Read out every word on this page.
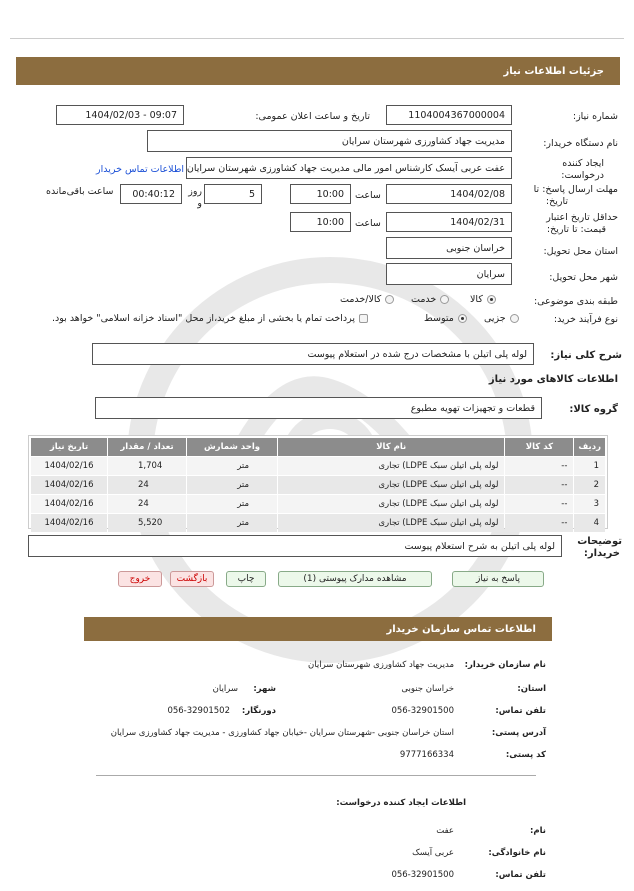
جزئیات اطلاعات نیاز
شماره نیاز:
1104004367000004
تاریخ و ساعت اعلان عمومی:
1404/02/03 - 09:07
نام دستگاه خریدار:
مدیریت جهاد کشاورزی شهرستان سرایان
ایجاد کننده
درخواست:
عفت عربی آیسک کارشناس امور مالی مدیریت جهاد کشاورزی شهرستان سرایان
اطلاعات تماس خریدار
مهلت ارسال پاسخ: تا
تاریخ:
1404/02/08
ساعت
10:00
5
روز و
00:40:12
ساعت باقی‌مانده
حداقل تاریخ اعتبار
قیمت: تا تاریخ:
1404/02/31
ساعت
10:00
استان محل تحویل:
خراسان جنوبی
شهر محل تحویل:
سرایان
طبقه بندی موضوعی:
کالا
خدمت
کالا/خدمت
نوع فرآیند خرید:
جزیی
متوسط
پرداخت تمام یا بخشی از مبلغ خرید،از محل "اسناد خزانه اسلامی" خواهد بود.
شرح کلی نیاز:
لوله پلی اتیلن با مشخصات درج شده در استعلام پیوست
اطلاعات کالاهای مورد نیاز
گروه کالا:
قطعات و تجهیزات تهویه مطبوع
ردیف	کد کالا	نام کالا	واحد شمارش	تعداد / مقدار	تاریخ نیاز
1	--	لوله پلی اتیلن سبک LDPE) تجاری	متر	1,704	1404/02/16
2	--	لوله پلی اتیلن سبک LDPE) تجاری	متر	24	1404/02/16
3	--	لوله پلی اتیلن سبک LDPE) تجاری	متر	24	1404/02/16
4	--	لوله پلی اتیلن سبک LDPE) تجاری	متر	5,520	1404/02/16
توضیحات
خریدار:
لوله پلی اتیلن به شرح استعلام پیوست
پاسخ به نیاز
مشاهده مدارک پیوستی (1)
چاپ
بازگشت
خروج
اطلاعات تماس سازمان خریدار
نام سازمان خریدار:
مدیریت جهاد کشاورزی شهرستان سرایان
استان:
خراسان جنوبی
شهر:
سرایان
تلفن تماس:
056-32901500
دورنگار:
056-32901502
آدرس پستی:
استان خراسان جنوبی -شهرستان سرایان -خیابان جهاد کشاورزی - مدیریت جهاد کشاورزی سرایان
کد پستی:
9777166334
اطلاعات ایجاد کننده درخواست:
نام:
عفت
نام خانوادگی:
عربی آیسک
تلفن تماس:
056-32901500
